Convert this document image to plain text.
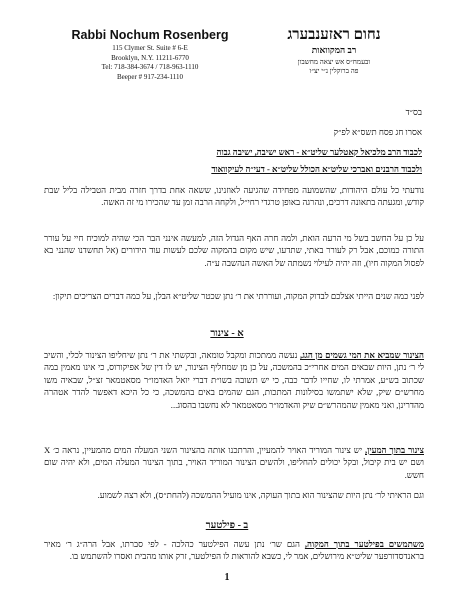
Rabbi Nochum Rosenberg
115 Clymer St. Suite # 6-E
Brooklyn, N.Y. 11211-6770
Tel: 718-384-3674 / 718-963-1110
Beeper # 917-234-1110
נחום ראזענבערג
רב המקוואות
ובעמח״ס אש יצאה מחשבון
פה ברוקלין נ״י יצ״ו
בס״ד
אסרו חג פסח תשס״א לפ״ק
לכבוד הרב מלכיאל קאטלער שליט״א - ראש ישיבה, ישיבה גבוה
ולכבוד הרבנים ואברכי שליט״א הכולל שליט״א - דעי״ה לעיקוואוד
נודעתי כל עולם היהודות, שהשמועה מפחידה שהגיעה לאוזנינו, ששאה אחת בדרך חזרה מבית הטבילה בליל שבת קודש, ומגעתה בתאונה דרכים, ונהרגה באופן טרגדי רחי״ל, ולקחה הרבה זמן עד שהכירו מי זה האשה.
על כן על החשב בשל מי הרעה הואת, ולמה חרה האף הגדול הזה, למעשה אינני הבר הכי שהיה למוכיח חיי על עורר התורה כמוכם, אבל רק לעורר באתי, שתדעו, שיש מקום בהמקוה שלכם לעשות עוד הידורים (אל תחשדנו שהנני בא לפסול המקוה חיו), וזה יהיה לעילוי נשמתה של האשה הנהשבה ע״ה.
לפני כמה שנים הייתי אצלכם לבדוק המקוה, ועוררתי את ר׳ נתן שכטר שליט״א הבלן, על כמה דברים הצריכים תיקון:
א - צינור
הצינור שמביא את המי גשמים מן הגג, נעשה ממתכות ומקבל טומאה, ובקשתי את ר׳ נתן שיחליפו הצינור לכלי, והשיב לי ר׳ נתן, היות שבאים המים אחרי״כ בהמשכה, על כן מן שמחליף הצינור, יש לו דין של אפיקורוס, כי אינו מאמין במה שכתוב בש״ע, אמרתי לו, שחייו לדבר כבה, כי יש תשובה בשו״ת דברי יואל האדמו״ר מסאטמאר זצ״ל, שבאיה משו מחרש״ם שיק, שלא ישתמשו בסילונות המתכות, הגם שהמים באים בהמשכה, כי כל היכא דאפשר להדר אטהרה מהדרינן, ואני מאמין שהמהרש״ם שיק והאדמו״ר מסאטמאר לא נחשבו בהסוג...
צינור בתוך המעין, יש צינור המוריד האויר להמעיין, והרתכנו אותה בהצינור השני המעלה המים מהמעיין, נראה כ׳ X ושם יש בית קיבול, ובקל יכולים להחליפו, ולהשים הצינור המוריד האויר, בתוך הצינור המעלה המים, ולא יהיה שום חשש.
וגם הראיתי לר׳ נתן היות שהצינור הוא בתוך העוקה, אינו מועיל ההמשכה (להחת״ס), ולא רצה לשמוע.
ב - פילטער
משתמשים בפילטער בתוך המקוה, הגם שר׳ נתן עשה הפילטער כהלכה - לפי סברתו, אבל הרה״ג ר׳ מאיר בראנדסדורפער שליט״א מירושלים, אמר לי, כשבא להוראות לו הפילטער, זרק אותו מהבית ואסרו להשתמש בו.
1
